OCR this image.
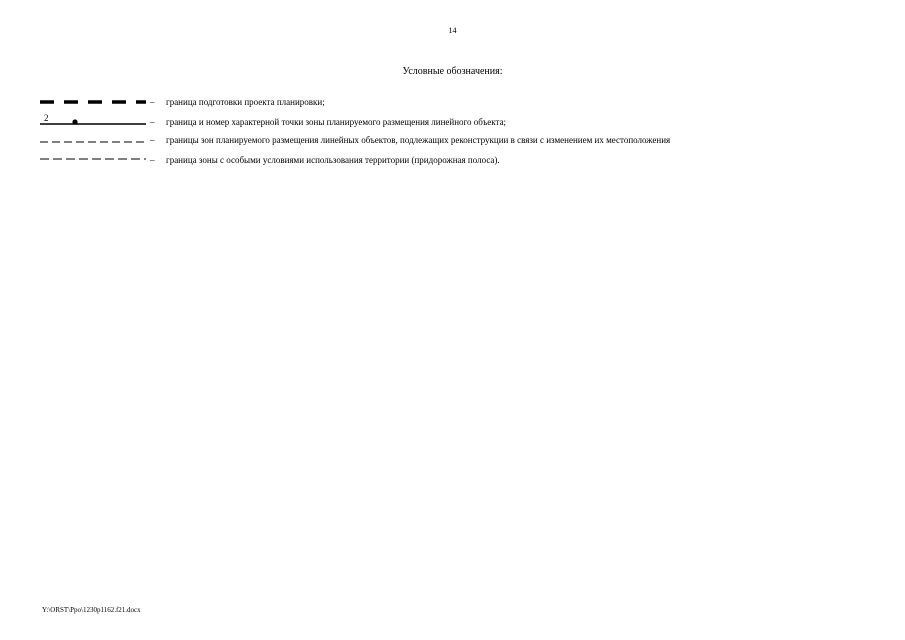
14
Условные обозначения:
– граница подготовки проекта планировки;
2	– граница и номер характерной точки зоны планируемого размещения линейного объекта;
– границы зон планируемого размещения линейных объектов, подлежащих реконструкции в связи с изменением их местоположения
– граница зоны с особыми условиями использования территории (придорожная полоса).
Y:\ORST\Ppo\1230p1162.f21.docx
